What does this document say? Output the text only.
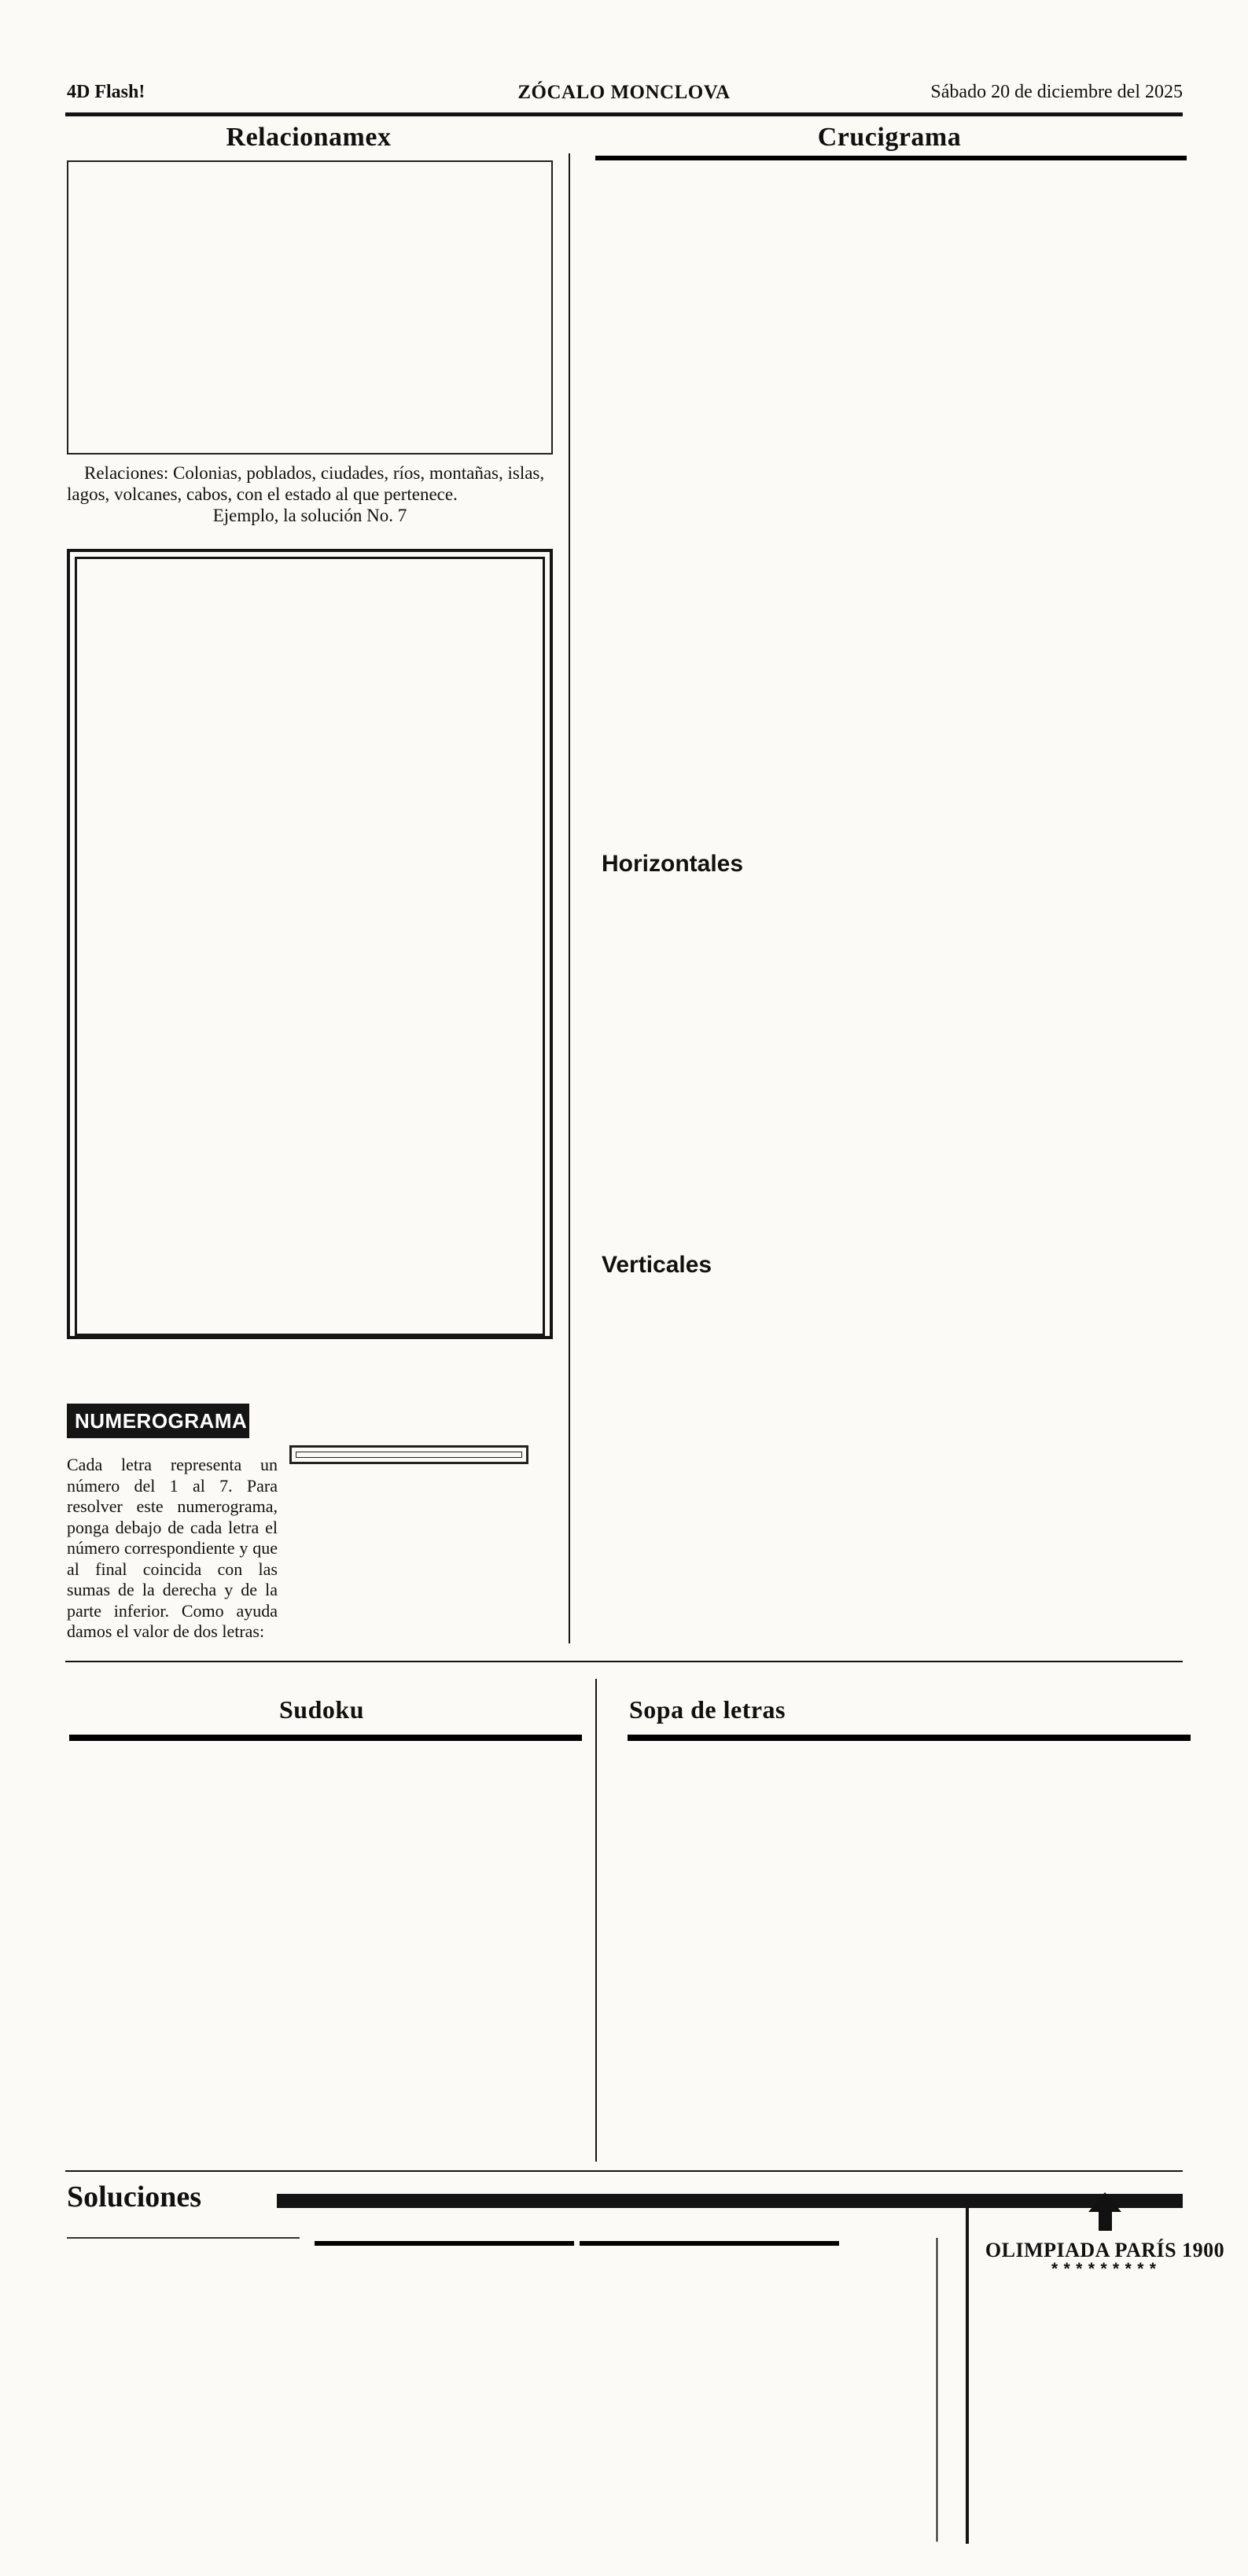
4D Flash!	ZÓCALO MONCLOVA	Sábado 20 de diciembre del 2025
Relacionamex
Relaciones: Colonias, poblados, ciudades, ríos, montañas, islas, lagos, volcanes, cabos, con el estado al que pertenece.
Ejemplo, la solución No. 7
NUMEROGRAMA
Cada letra representa un número del 1 al 7. Para resolver este numerograma, ponga debajo de cada letra el número correspondiente y que al final coincida con las sumas de la derecha y de la parte inferior. Como ayuda damos el valor de dos letras:
Crucigrama
Horizontales
Verticales
Sudoku	Sopa de letras
Soluciones
OLIMPIADA PARÍS 1900
*********
